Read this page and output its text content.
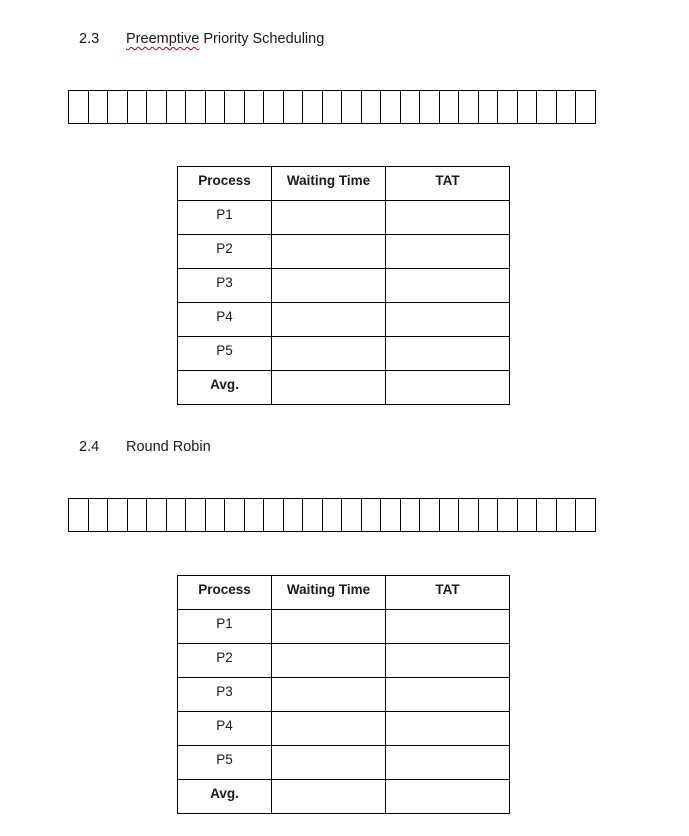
2.3 Preemptive Priority Scheduling
Process	Waiting Time	TAT
P1		
P2		
P3		
P4		
P5		
Avg.		
2.4 Round Robin
Process	Waiting Time	TAT
P1		
P2		
P3		
P4		
P5		
Avg.		
